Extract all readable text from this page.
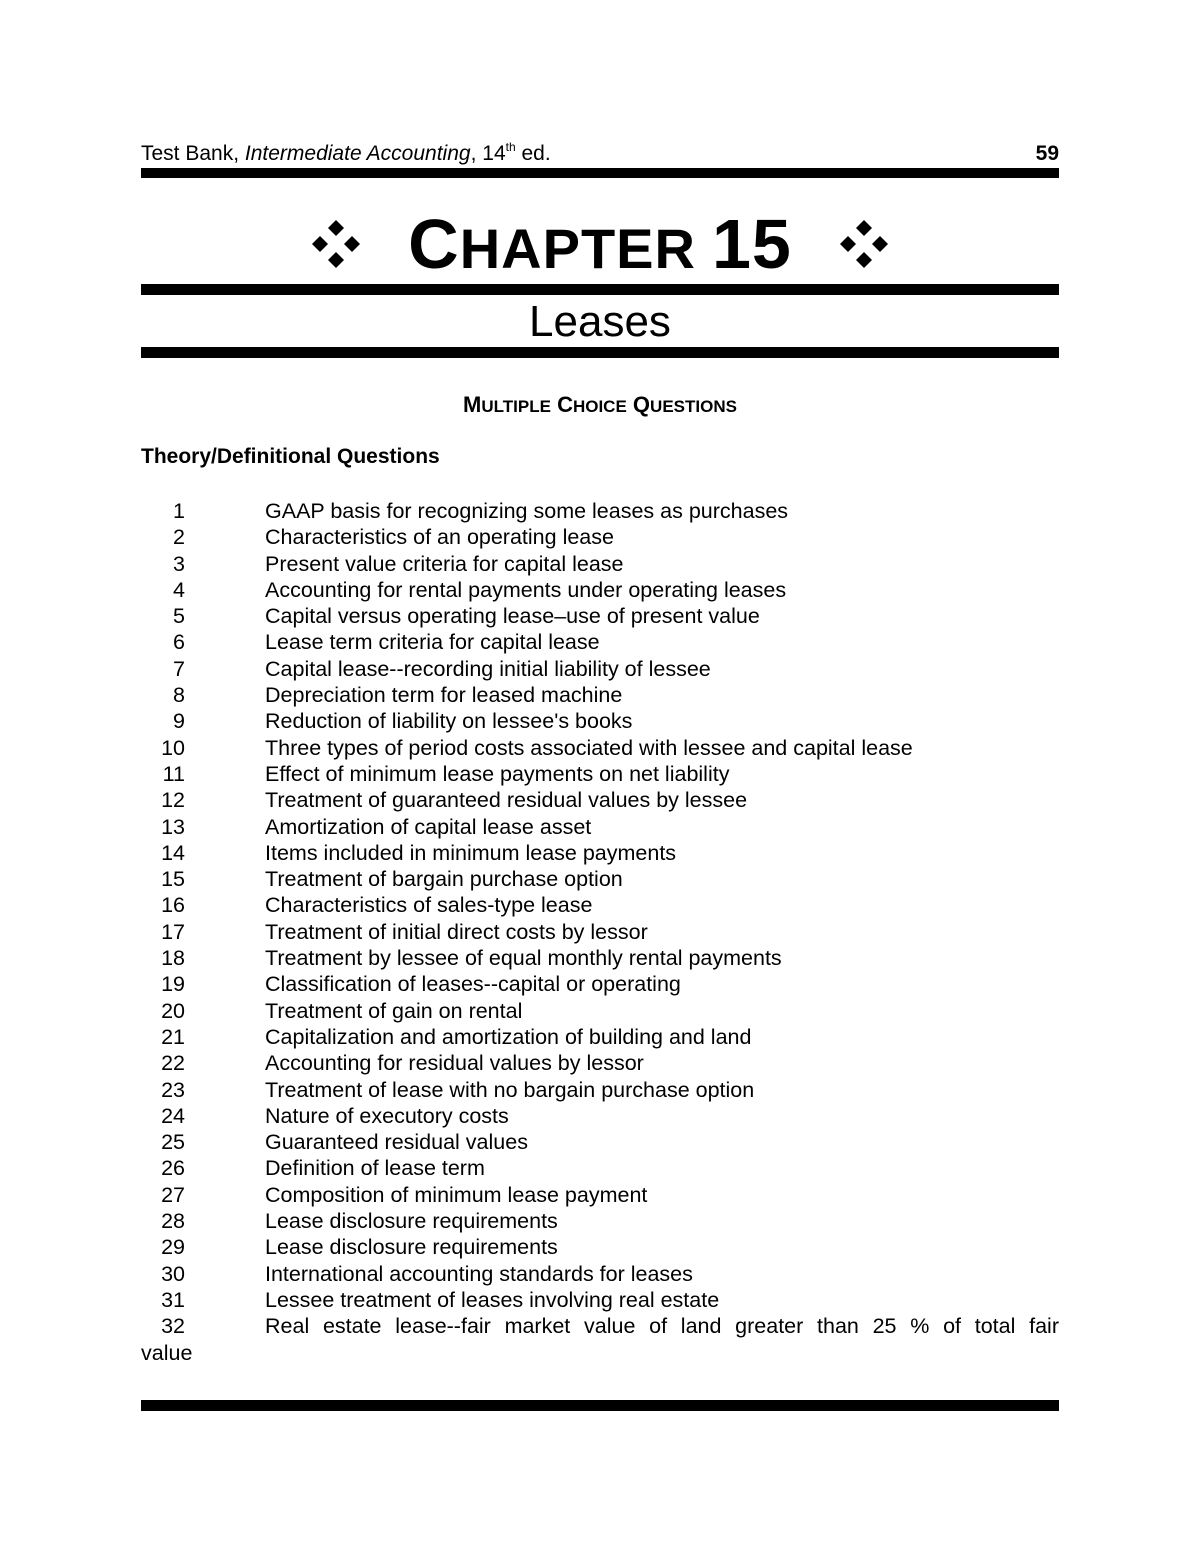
Test Bank, Intermediate Accounting, 14th ed.	59
CHAPTER 15
Leases
MULTIPLE CHOICE QUESTIONS
Theory/Definitional Questions
1	GAAP basis for recognizing some leases as purchases
2	Characteristics of an operating lease
3	Present value criteria for capital lease
4	Accounting for rental payments under operating leases
5	Capital versus operating lease–use of present value
6	Lease term criteria for capital lease
7	Capital lease--recording initial liability of lessee
8	Depreciation term for leased machine
9	Reduction of liability on lessee's books
10	Three types of period costs associated with lessee and capital lease
11	Effect of minimum lease payments on net liability
12	Treatment of guaranteed residual values by lessee
13	Amortization of capital lease asset
14	Items included in minimum lease payments
15	Treatment of bargain purchase option
16	Characteristics of sales-type lease
17	Treatment of initial direct costs by lessor
18	Treatment by lessee of equal monthly rental payments
19	Classification of leases--capital or operating
20	Treatment of gain on rental
21	Capitalization and amortization of building and land
22	Accounting for residual values by lessor
23	Treatment of lease with no bargain purchase option
24	Nature of executory costs
25	Guaranteed residual values
26	Definition of lease term
27	Composition of minimum lease payment
28	Lease disclosure requirements
29	Lease disclosure requirements
30	International accounting standards for leases
31	Lessee treatment of leases involving real estate
32	Real estate lease--fair market value of land greater than 25 % of total fair
value
